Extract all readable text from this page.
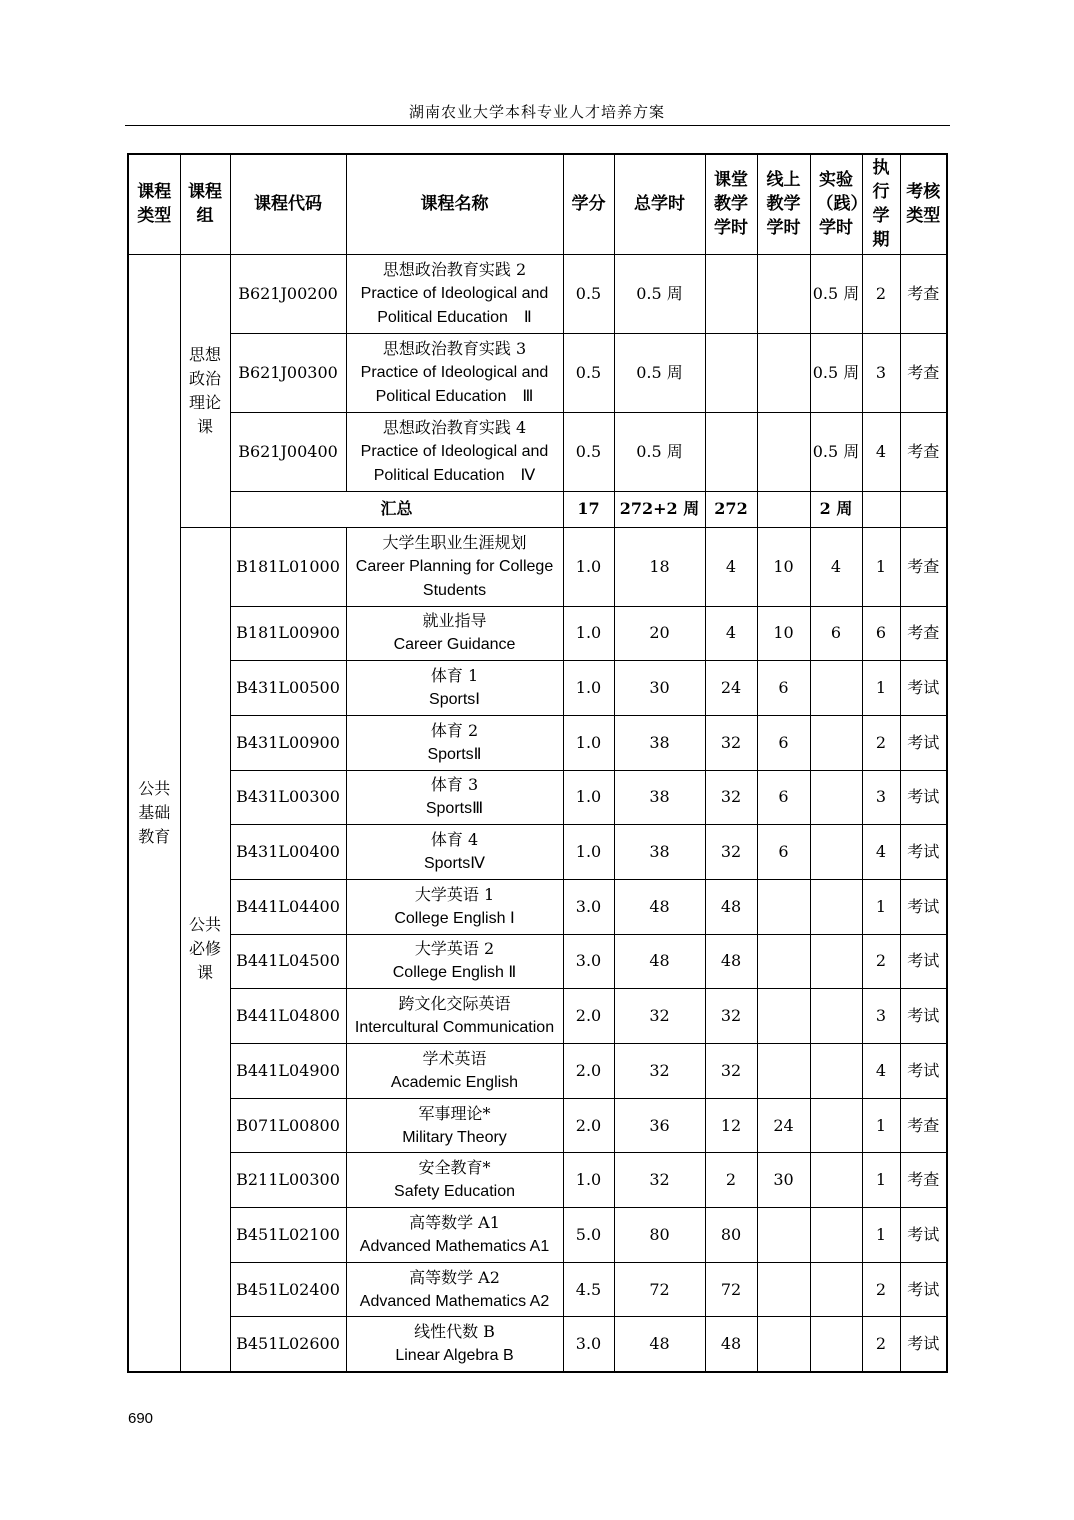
湖南农业大学本科专业人才培养方案
课程类型	课程组	课程代码	课程名称	学分	总学时	课堂教学学时	线上教学学时	实验（践）学时	执行学期	考核类型
公共基础教育	思想政治理论课	B621J00200	思想政治教育实践 2
Practice of Ideological and
Political Education　Ⅱ	0.5	0.5 周			0.5 周	2	考查
		B621J00300	思想政治教育实践 3
Practice of Ideological and
Political Education　Ⅲ	0.5	0.5 周			0.5 周	3	考查
		B621J00400	思想政治教育实践 4
Practice of Ideological and
Political Education　Ⅳ	0.5	0.5 周			0.5 周	4	考查
		汇总		17	272+2 周	272		2 周		
	公共必修课	B181L01000	大学生职业生涯规划
Career Planning for College
Students	1.0	18	4	10	4	1	考查
		B181L00900	就业指导
Career Guidance	1.0	20	4	10	6	6	考查
		B431L00500	体育 1
SportsⅠ	1.0	30	24	6		1	考试
		B431L00900	体育 2
SportsⅡ	1.0	38	32	6		2	考试
		B431L00300	体育 3
SportsⅢ	1.0	38	32	6		3	考试
		B431L00400	体育 4
SportsⅣ	1.0	38	32	6		4	考试
		B441L04400	大学英语 1
College English Ⅰ	3.0	48	48			1	考试
		B441L04500	大学英语 2
College English Ⅱ	3.0	48	48			2	考试
		B441L04800	跨文化交际英语
Intercultural Communication	2.0	32	32			3	考试
		B441L04900	学术英语
Academic English	2.0	32	32			4	考试
		B071L00800	军事理论*
Military Theory	2.0	36	12	24		1	考查
		B211L00300	安全教育*
Safety Education	1.0	32	2	30		1	考查
		B451L02100	高等数学 A1
Advanced Mathematics A1	5.0	80	80			1	考试
		B451L02400	高等数学 A2
Advanced Mathematics A2	4.5	72	72			2	考试
		B451L02600	线性代数 B
Linear Algebra B	3.0	48	48			2	考试
690
